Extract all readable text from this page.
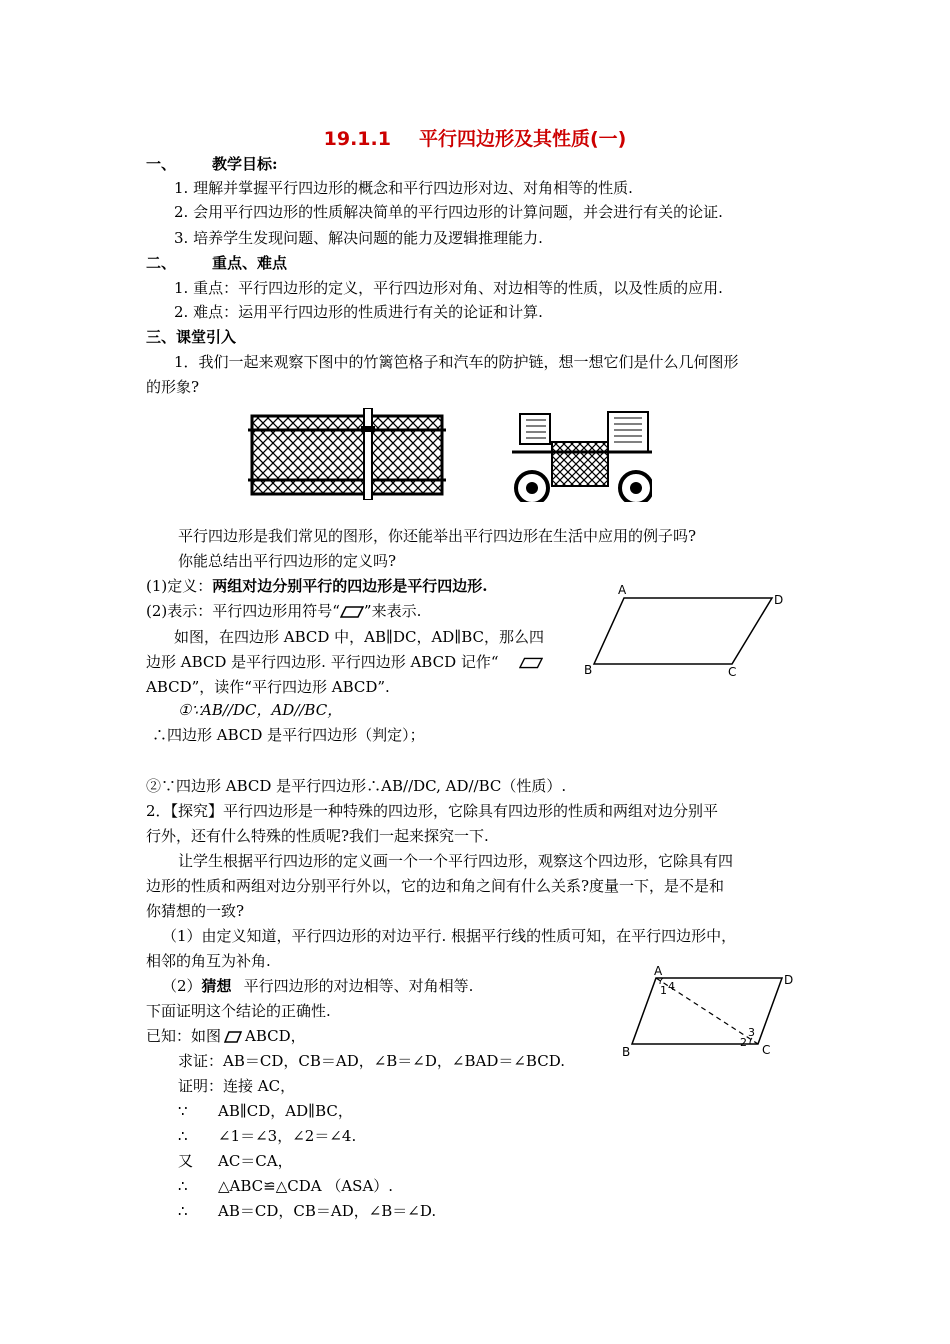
19.1.1 平行四边形及其性质(一)
一、 教学目标:
1. 理解并掌握平行四边形的概念和平行四边形对边、对角相等的性质.
2. 会用平行四边形的性质解决简单的平行四边形的计算问题，并会进行有关的论证.
3. 培养学生发现问题、解决问题的能力及逻辑推理能力.
二、 重点、难点
1. 重点：平行四边形的定义，平行四边形对角、对边相等的性质，以及性质的应用.
2. 难点：运用平行四边形的性质进行有关的论证和计算.
三、课堂引入
1．我们一起来观察下图中的竹篱笆格子和汽车的防护链，想一想它们是什么几何图形
的形象?
平行四边形是我们常见的图形，你还能举出平行四边形在生活中应用的例子吗?
你能总结出平行四边形的定义吗?
(1)定义：两组对边分别平行的四边形是平行四边形.
(2)表示：平行四边形用符号“ ”来表示.
如图，在四边形 ABCD 中，AB∥DC，AD∥BC，那么四
边形 ABCD 是平行四边形. 平行四边形 ABCD 记作“
ABCD”，读作“平行四边形 ABCD”.
A
D
B	C
①∵AB//DC，AD//BC，
∴四边形 ABCD 是平行四边形（判定）；
②∵四边形 ABCD 是平行四边形∴AB//DC, AD//BC（性质）.
2．【探究】平行四边形是一种特殊的四边形，它除具有四边形的性质和两组对边分别平
行外，还有什么特殊的性质呢?我们一起来探究一下.
让学生根据平行四边形的定义画一个一个平行四边形，观察这个四边形，它除具有四
边形的性质和两组对边分别平行外以，它的边和角之间有什么关系?度量一下，是不是和
你猜想的一致?
（1）由定义知道，平行四边形的对边平行. 根据平行线的性质可知，在平行四边形中，
相邻的角互为补角.
（2）猜想 平行四边形的对边相等、对角相等.
下面证明这个结论的正确性.
已知：如图 ABCD，
求证：AB＝CD，CB＝AD，∠B＝∠D，∠BAD＝∠BCD.
证明：连接 AC，
∵ AB∥CD，AD∥BC，
∴ ∠1＝∠3，∠2＝∠4.
又 AC＝CA，
∴ △ABC≌△CDA （ASA）.
∴ AB＝CD，CB＝AD，∠B＝∠D.
A
D
B	C
1
2
3
4
